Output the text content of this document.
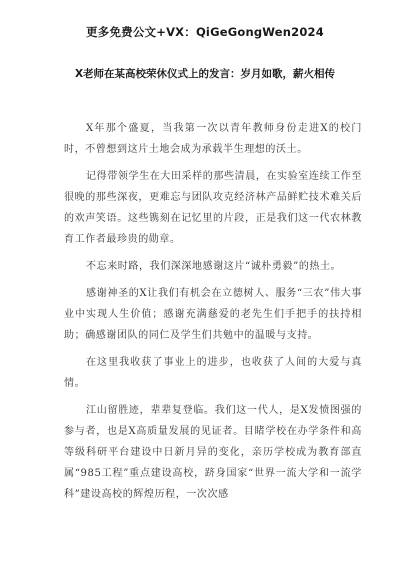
更多免费公文+VX：QiGeGongWen2024
X老师在某高校荣休仪式上的发言：岁月如歌，薪火相传

X年那个盛夏，当我第一次以青年教师身份走进X的校门时，不曾想到这片土地会成为承载半生理想的沃土。

记得带领学生在大田采样的那些清晨，在实验室连续工作至很晚的那些深夜，更难忘与团队攻克经济林产品鲜贮技术难关后的欢声笑语。这些镌刻在记忆里的片段，正是我们这一代农林教育工作者最珍贵的勋章。

不忘来时路，我们深深地感谢这片“诚朴勇毅”的热土。

感谢神圣的X让我们有机会在立德树人、服务“三农”伟大事业中实现人生价值；感谢充满慈爱的老先生们手把手的扶持相助；确感谢团队的同仁及学生们共勉中的温暖与支持。

在这里我收获了事业上的进步，也收获了人间的大爱与真情。

江山留胜迹，辈辈复登临。我们这一代人，是X发愤图强的参与者，也是X高质量发展的见证者。目睹学校在办学条件和高等级科研平台建设中日新月异的变化，亲历学校成为教育部直属“985工程”重点建设高校，跻身国家“世界一流大学和一流学科”建设高校的辉煌历程，一次次感
